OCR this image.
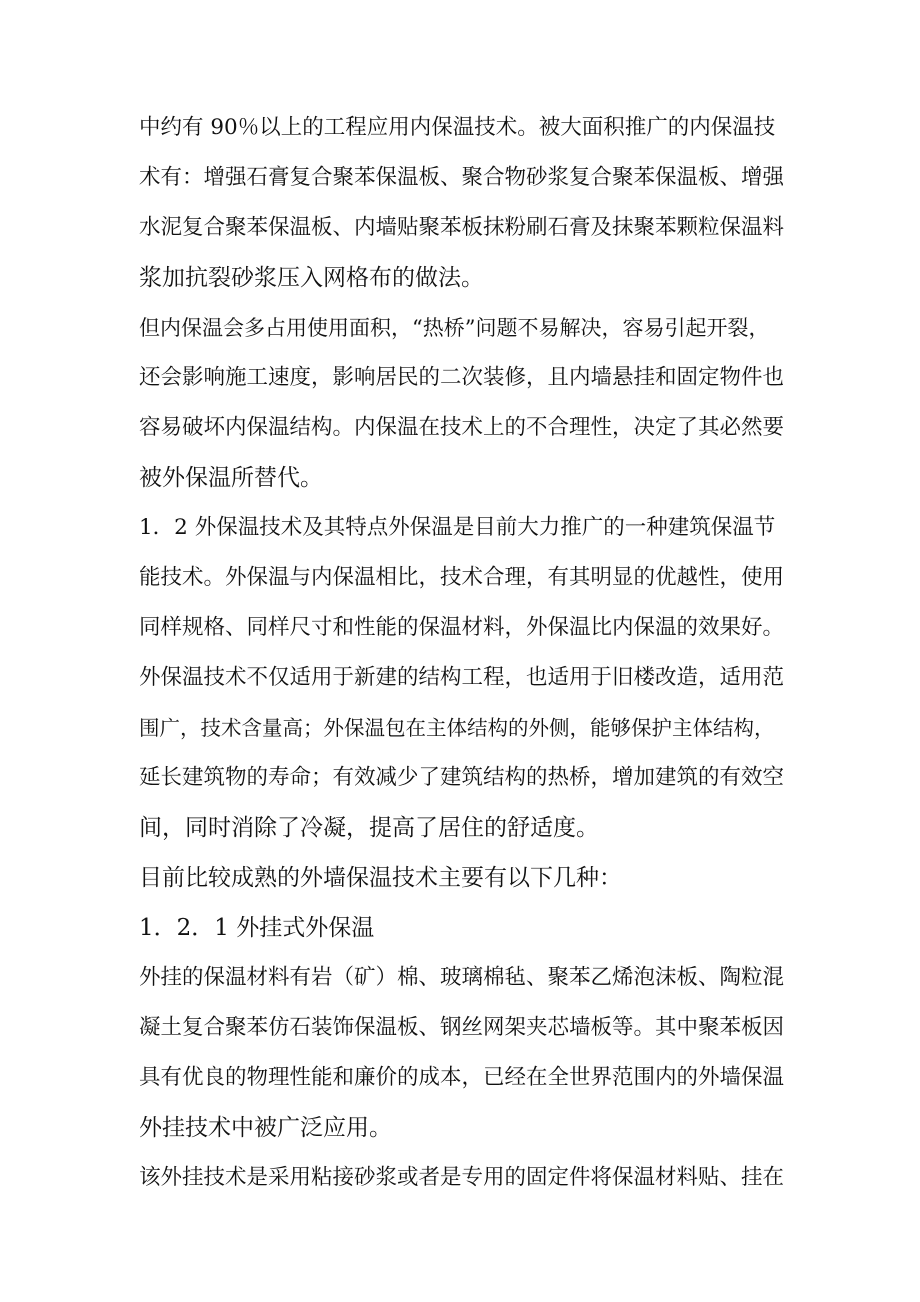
中约有 90％以上的工程应用内保温技术。被大面积推广的内保温技
术有：增强石膏复合聚苯保温板、聚合物砂浆复合聚苯保温板、增强
水泥复合聚苯保温板、内墙贴聚苯板抹粉刷石膏及抹聚苯颗粒保温料
浆加抗裂砂浆压入网格布的做法。
但内保温会多占用使用面积，“热桥”问题不易解决，容易引起开裂，
还会影响施工速度，影响居民的二次装修，且内墙悬挂和固定物件也
容易破坏内保温结构。内保温在技术上的不合理性，决定了其必然要
被外保温所替代。
1．2 外保温技术及其特点外保温是目前大力推广的一种建筑保温节
能技术。外保温与内保温相比，技术合理，有其明显的优越性，使用
同样规格、同样尺寸和性能的保温材料，外保温比内保温的效果好。
外保温技术不仅适用于新建的结构工程，也适用于旧楼改造，适用范
围广，技术含量高；外保温包在主体结构的外侧，能够保护主体结构，
延长建筑物的寿命；有效减少了建筑结构的热桥，增加建筑的有效空
间，同时消除了冷凝，提高了居住的舒适度。
目前比较成熟的外墙保温技术主要有以下几种：
1．2．1 外挂式外保温
外挂的保温材料有岩（矿）棉、玻璃棉毡、聚苯乙烯泡沫板、陶粒混
凝土复合聚苯仿石装饰保温板、钢丝网架夹芯墙板等。其中聚苯板因
具有优良的物理性能和廉价的成本，已经在全世界范围内的外墙保温
外挂技术中被广泛应用。
该外挂技术是采用粘接砂浆或者是专用的固定件将保温材料贴、挂在
